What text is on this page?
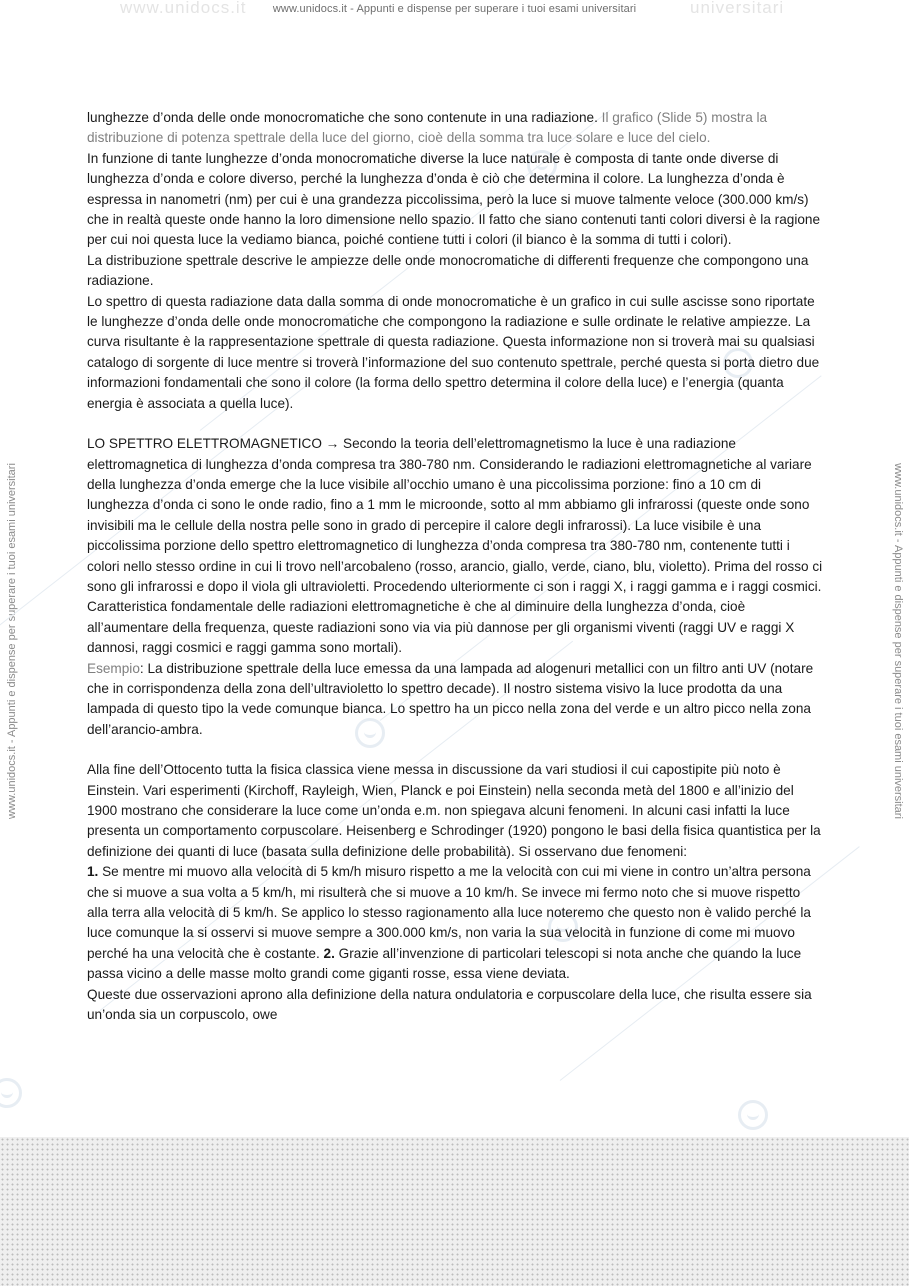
www.unidocs.it	universitari
www.unidocs.it - Appunti e dispense per superare i tuoi esami universitari
www.unidocs.it - Appunti e dispense per superare i tuoi esami universitari	www.unidocs.it - Appunti e dispense per superare i tuoi esami universitari

lunghezze d’onda delle onde monocromatiche che sono contenute in una radiazione. Il grafico (Slide 5) mostra la distribuzione di potenza spettrale della luce del giorno, cioè della somma tra luce solare e luce del cielo.

In funzione di tante lunghezze d’onda monocromatiche diverse la luce naturale è composta di tante onde diverse di lunghezza d’onda e colore diverso, perché la lunghezza d’onda è ciò che determina il colore. La lunghezza d’onda è espressa in nanometri (nm) per cui è una grandezza piccolissima, però la luce si muove talmente veloce (300.000 km/s) che in realtà queste onde hanno la loro dimensione nello spazio. Il fatto che siano contenuti tanti colori diversi è la ragione per cui noi questa luce la vediamo bianca, poiché contiene tutti i colori (il bianco è la somma di tutti i colori).

La distribuzione spettrale descrive le ampiezze delle onde monocromatiche di differenti frequenze che compongono una radiazione.

Lo spettro di questa radiazione data dalla somma di onde monocromatiche è un grafico in cui sulle ascisse sono riportate le lunghezze d’onda delle onde monocromatiche che compongono la radiazione e sulle ordinate le relative ampiezze. La curva risultante è la rappresentazione spettrale di questa radiazione. Questa informazione non si troverà mai su qualsiasi catalogo di sorgente di luce mentre si troverà l’informazione del suo contenuto spettrale, perché questa si porta dietro due informazioni fondamentali che sono il colore (la forma dello spettro determina il colore della luce) e l’energia (quanta energia è associata a quella luce).

LO SPETTRO ELETTROMAGNETICO → Secondo la teoria dell’elettromagnetismo la luce è una radiazione elettromagnetica di lunghezza d’onda compresa tra 380-780 nm. Considerando le radiazioni elettromagnetiche al variare della lunghezza d’onda emerge che la luce visibile all’occhio umano è una piccolissima porzione: fino a 10 cm di lunghezza d’onda ci sono le onde radio, fino a 1 mm le microonde, sotto al mm abbiamo gli infrarossi (queste onde sono invisibili ma le cellule della nostra pelle sono in grado di percepire il calore degli infrarossi). La luce visibile è una piccolissima porzione dello spettro elettromagnetico di lunghezza d’onda compresa tra 380-780 nm, contenente tutti i colori nello stesso ordine in cui li trovo nell’arcobaleno (rosso, arancio, giallo, verde, ciano, blu, violetto). Prima del rosso ci sono gli infrarossi e dopo il viola gli ultravioletti. Procedendo ulteriormente ci son i raggi X, i raggi gamma e i raggi cosmici. Caratteristica fondamentale delle radiazioni elettromagnetiche è che al diminuire della lunghezza d’onda, cioè all’aumentare della frequenza, queste radiazioni sono via via più dannose per gli organismi viventi (raggi UV e raggi X dannosi, raggi cosmici e raggi gamma sono mortali).

Esempio: La distribuzione spettrale della luce emessa da una lampada ad alogenuri metallici con un filtro anti UV (notare che in corrispondenza della zona dell’ultravioletto lo spettro decade). Il nostro sistema visivo la luce prodotta da una lampada di questo tipo la vede comunque bianca. Lo spettro ha un picco nella zona del verde e un altro picco nella zona dell’arancio-ambra.

Alla fine dell’Ottocento tutta la fisica classica viene messa in discussione da vari studiosi il cui capostipite più noto è Einstein. Vari esperimenti (Kirchoff, Rayleigh, Wien, Planck e poi Einstein) nella seconda metà del 1800 e all’inizio del 1900 mostrano che considerare la luce come un’onda e.m. non spiegava alcuni fenomeni. In alcuni casi infatti la luce presenta un comportamento corpuscolare. Heisenberg e Schrodinger (1920) pongono le basi della fisica quantistica per la definizione dei quanti di luce (basata sulla definizione delle probabilità). Si osservano due fenomeni:

1. Se mentre mi muovo alla velocità di 5 km/h misuro rispetto a me la velocità con cui mi viene in contro un’altra persona che si muove a sua volta a 5 km/h, mi risulterà che si muove a 10 km/h. Se invece mi fermo noto che si muove rispetto alla terra alla velocità di 5 km/h. Se applico lo stesso ragionamento alla luce noteremo che questo non è valido perché la luce comunque la si osservi si muove sempre a 300.000 km/s, non varia la sua velocità in funzione di come mi muovo perché ha una velocità che è costante. 2. Grazie all’invenzione di particolari telescopi si nota anche che quando la luce passa vicino a delle masse molto grandi come giganti rosse, essa viene deviata.

Queste due osservazioni aprono alla definizione della natura ondulatoria e corpuscolare della luce, che risulta essere sia un’onda sia un corpuscolo, owe
